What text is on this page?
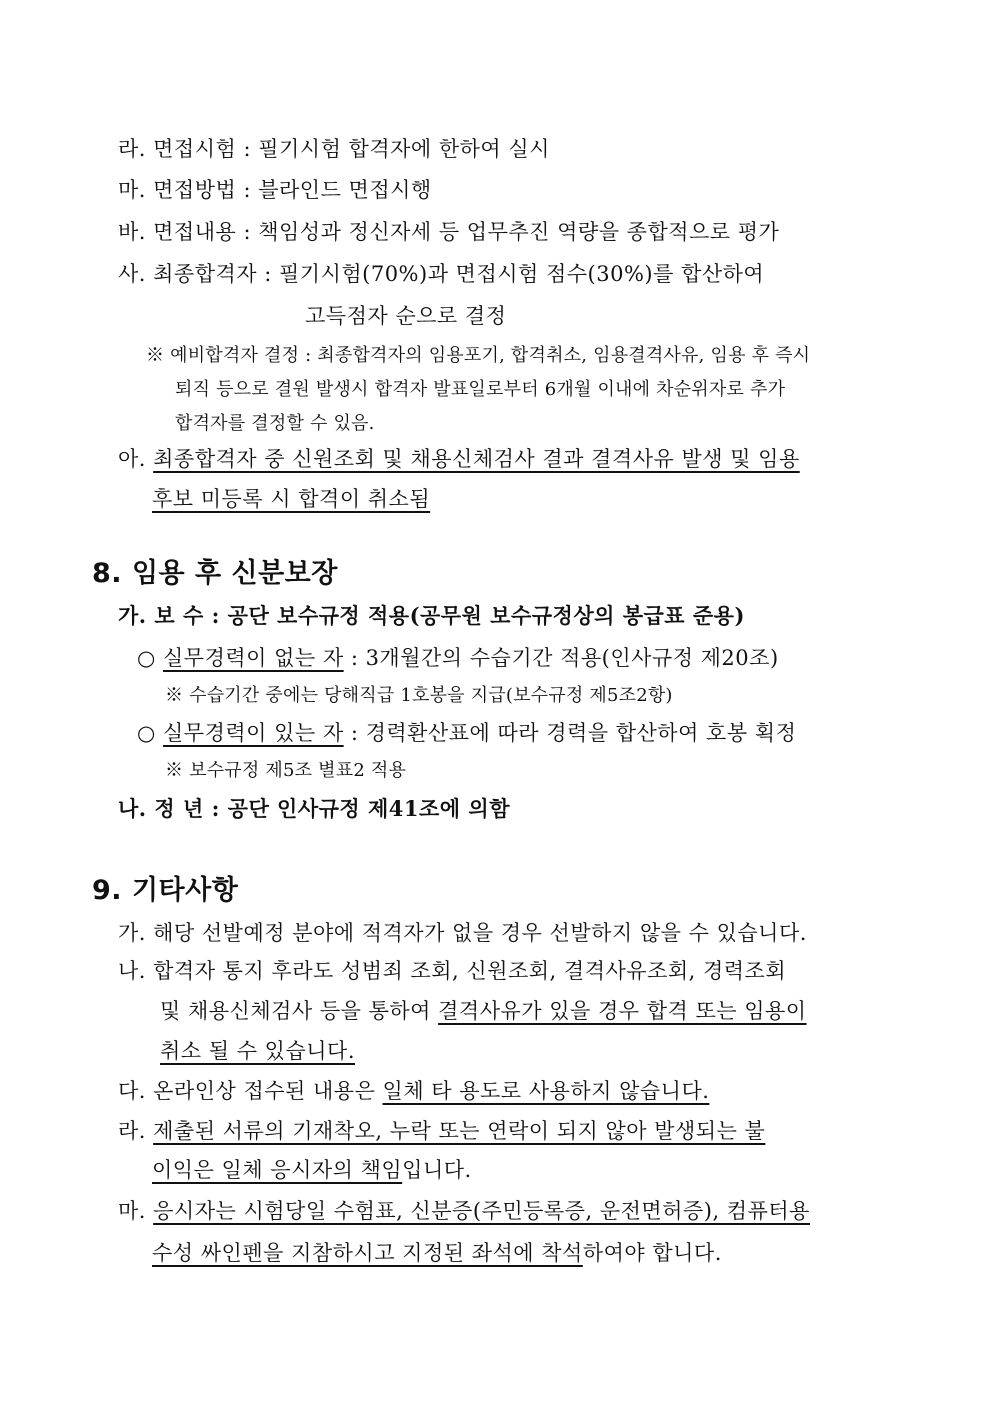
라. 면접시험 : 필기시험 합격자에 한하여 실시
마. 면접방법 : 블라인드 면접시행
바. 면접내용 : 책임성과 정신자세 등 업무추진 역량을 종합적으로 평가
사. 최종합격자 : 필기시험(70%)과 면접시험 점수(30%)를 합산하여
고득점자 순으로 결정
※ 예비합격자 결정 : 최종합격자의 임용포기, 합격취소, 임용결격사유, 임용 후 즉시
퇴직 등으로 결원 발생시 합격자 발표일로부터 6개월 이내에 차순위자로 추가
합격자를 결정할 수 있음.
아. 최종합격자 중 신원조회 및 채용신체검사 결과 결격사유 발생 및 임용
후보 미등록 시 합격이 취소됨
8. 임용 후 신분보장
가. 보 수 : 공단 보수규정 적용(공무원 보수규정상의 봉급표 준용)
○ 실무경력이 없는 자 : 3개월간의 수습기간 적용(인사규정 제20조)
※ 수습기간 중에는 당해직급 1호봉을 지급(보수규정 제5조2항)
○ 실무경력이 있는 자 : 경력환산표에 따라 경력을 합산하여 호봉 획정
※ 보수규정 제5조 별표2 적용
나. 정 년 : 공단 인사규정 제41조에 의함
9. 기타사항
가. 해당 선발예정 분야에 적격자가 없을 경우 선발하지 않을 수 있습니다.
나. 합격자 통지 후라도 성범죄 조회, 신원조회, 결격사유조회, 경력조회
및 채용신체검사 등을 통하여 결격사유가 있을 경우 합격 또는 임용이
취소 될 수 있습니다.
다. 온라인상 접수된 내용은 일체 타 용도로 사용하지 않습니다.
라. 제출된 서류의 기재착오, 누락 또는 연락이 되지 않아 발생되는 불
이익은 일체 응시자의 책임입니다.
마. 응시자는 시험당일 수험표, 신분증(주민등록증, 운전면허증), 컴퓨터용
수성 싸인펜을 지참하시고 지정된 좌석에 착석하여야 합니다.
